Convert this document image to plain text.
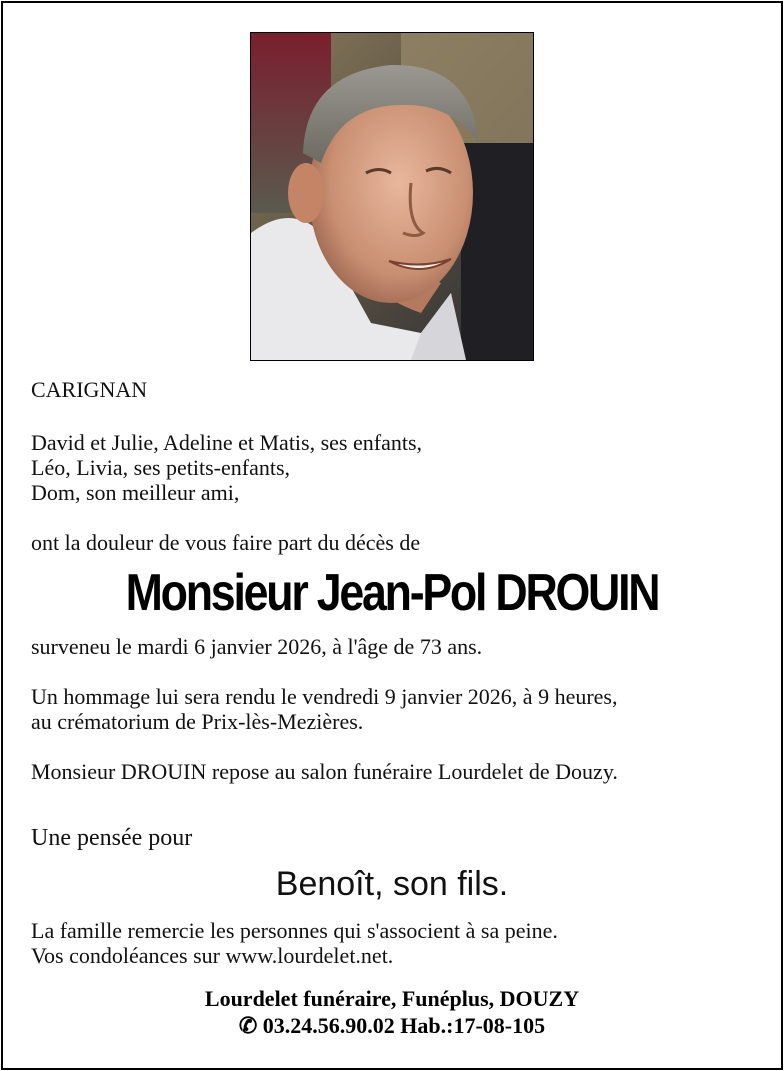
CARIGNAN
David et Julie, Adeline et Matis, ses enfants,
Léo, Livia, ses petits-enfants,
Dom, son meilleur ami,
ont la douleur de vous faire part du décès de
Monsieur Jean-Pol DROUIN
surveneu le mardi 6 janvier 2026, à l'âge de 73 ans.
Un hommage lui sera rendu le vendredi 9 janvier 2026, à 9 heures,
au crématorium de Prix-lès-Mezières.
Monsieur DROUIN repose au salon funéraire Lourdelet de Douzy.
Une pensée pour
Benoît, son fils.
La famille remercie les personnes qui s'associent à sa peine.
Vos condoléances sur www.lourdelet.net.
Lourdelet funéraire, Funéplus, DOUZY
✆ 03.24.56.90.02 Hab.:17-08-105
